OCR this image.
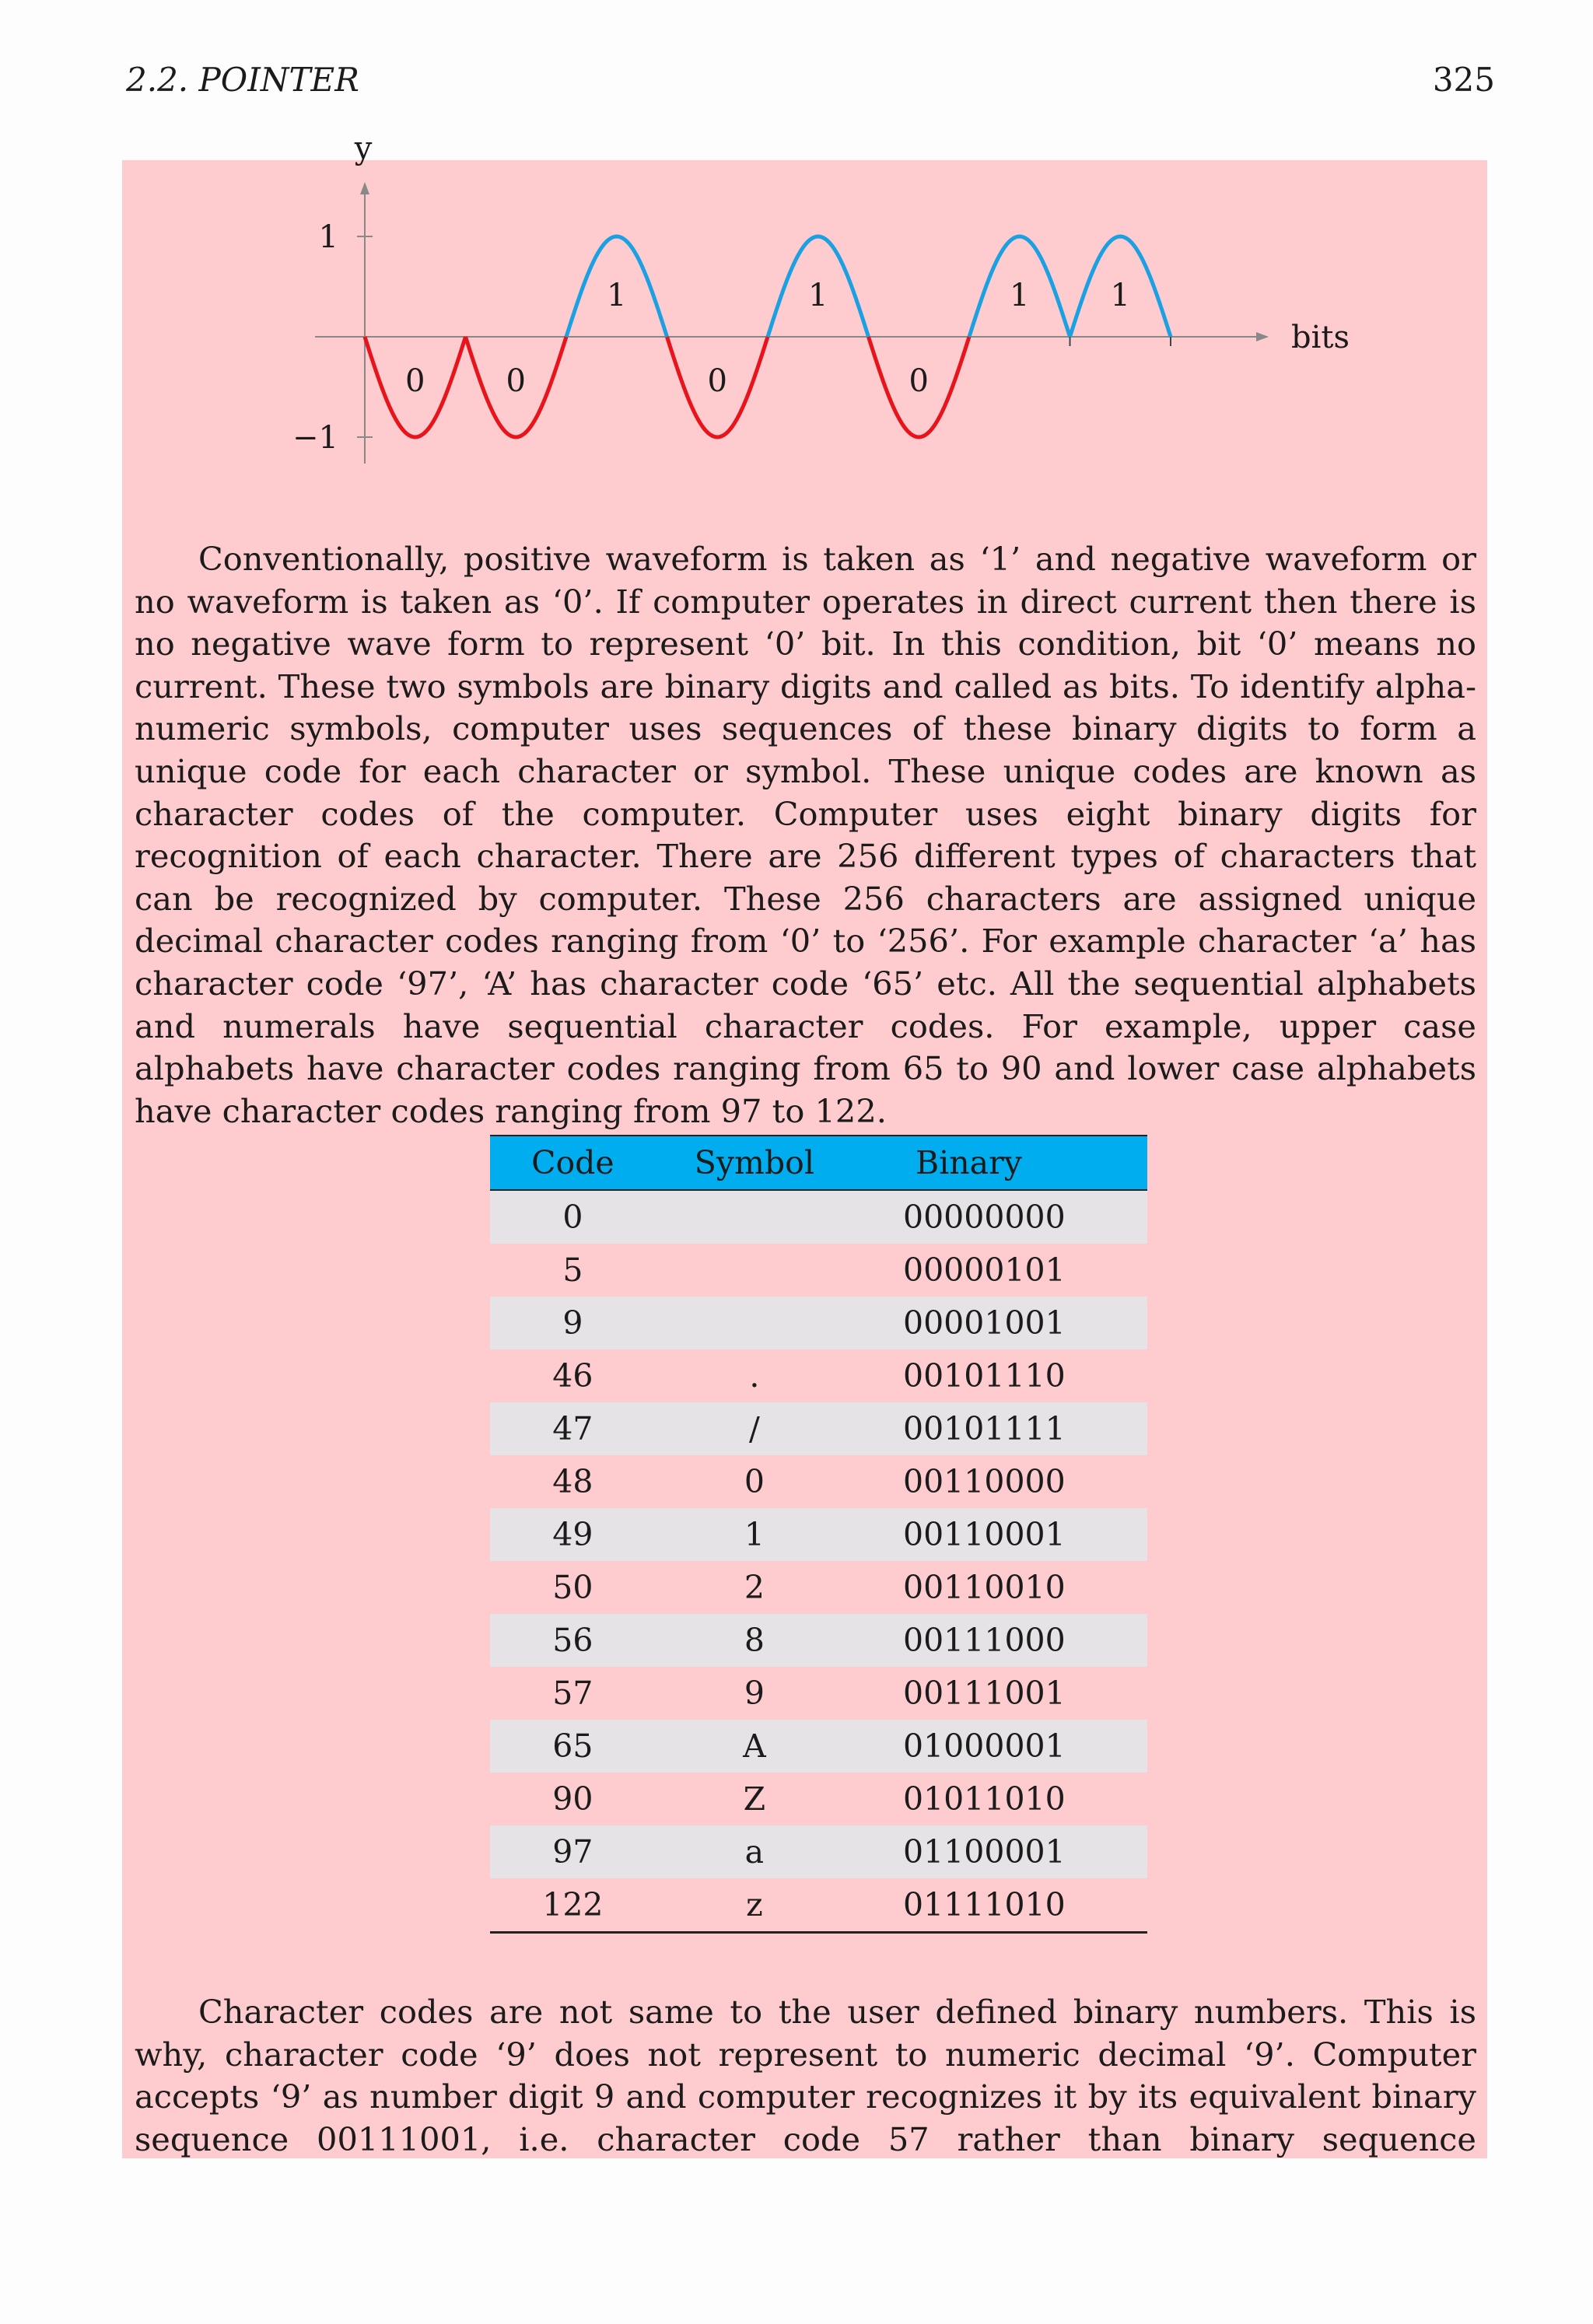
2.2. POINTER	325
1
−1
y
bits
0	0
1
0
1
0
1	1

Conventionally, positive waveform is taken as ‘1’ and negative waveform or no waveform is taken as ‘0’. If computer operates in direct current then there is no negative wave form to represent ‘0’ bit. In this condition, bit ‘0’ means no current. These two symbols are binary digits and called as bits. To identify alpha-numeric symbols, computer uses sequences of these binary digits to form a unique code for each character or symbol. These unique codes are known as character codes of the computer. Computer uses eight binary digits for recognition of each character. There are 256 different types of characters that can be recognized by computer. These 256 characters are assigned unique decimal character codes ranging from ‘0’ to ‘256’. For example character ‘a’ has character code ‘97’, ‘A’ has character code ‘65’ etc. All the sequential alphabets and numerals have sequential character codes. For example, upper case alphabets have character codes ranging from 65 to 90 and lower case alphabets have character codes ranging from 97 to 122.

Code	Symbol	Binary
0		00000000
5		00000101
9		00001001
46	.	00101110
47	/	00101111
48	0	00110000
49	1	00110001
50	2	00110010
56	8	00111000
57	9	00111001
65	A	01000001
90	Z	01011010
97	a	01100001
122	z	01111010

Character codes are not same to the user defined binary numbers. This is why, character code ‘9’ does not represent to numeric decimal ‘9’. Computer accepts ‘9’ as number digit 9 and computer recognizes it by its equivalent binary sequence 00111001, i.e. character code 57 rather than binary sequence
